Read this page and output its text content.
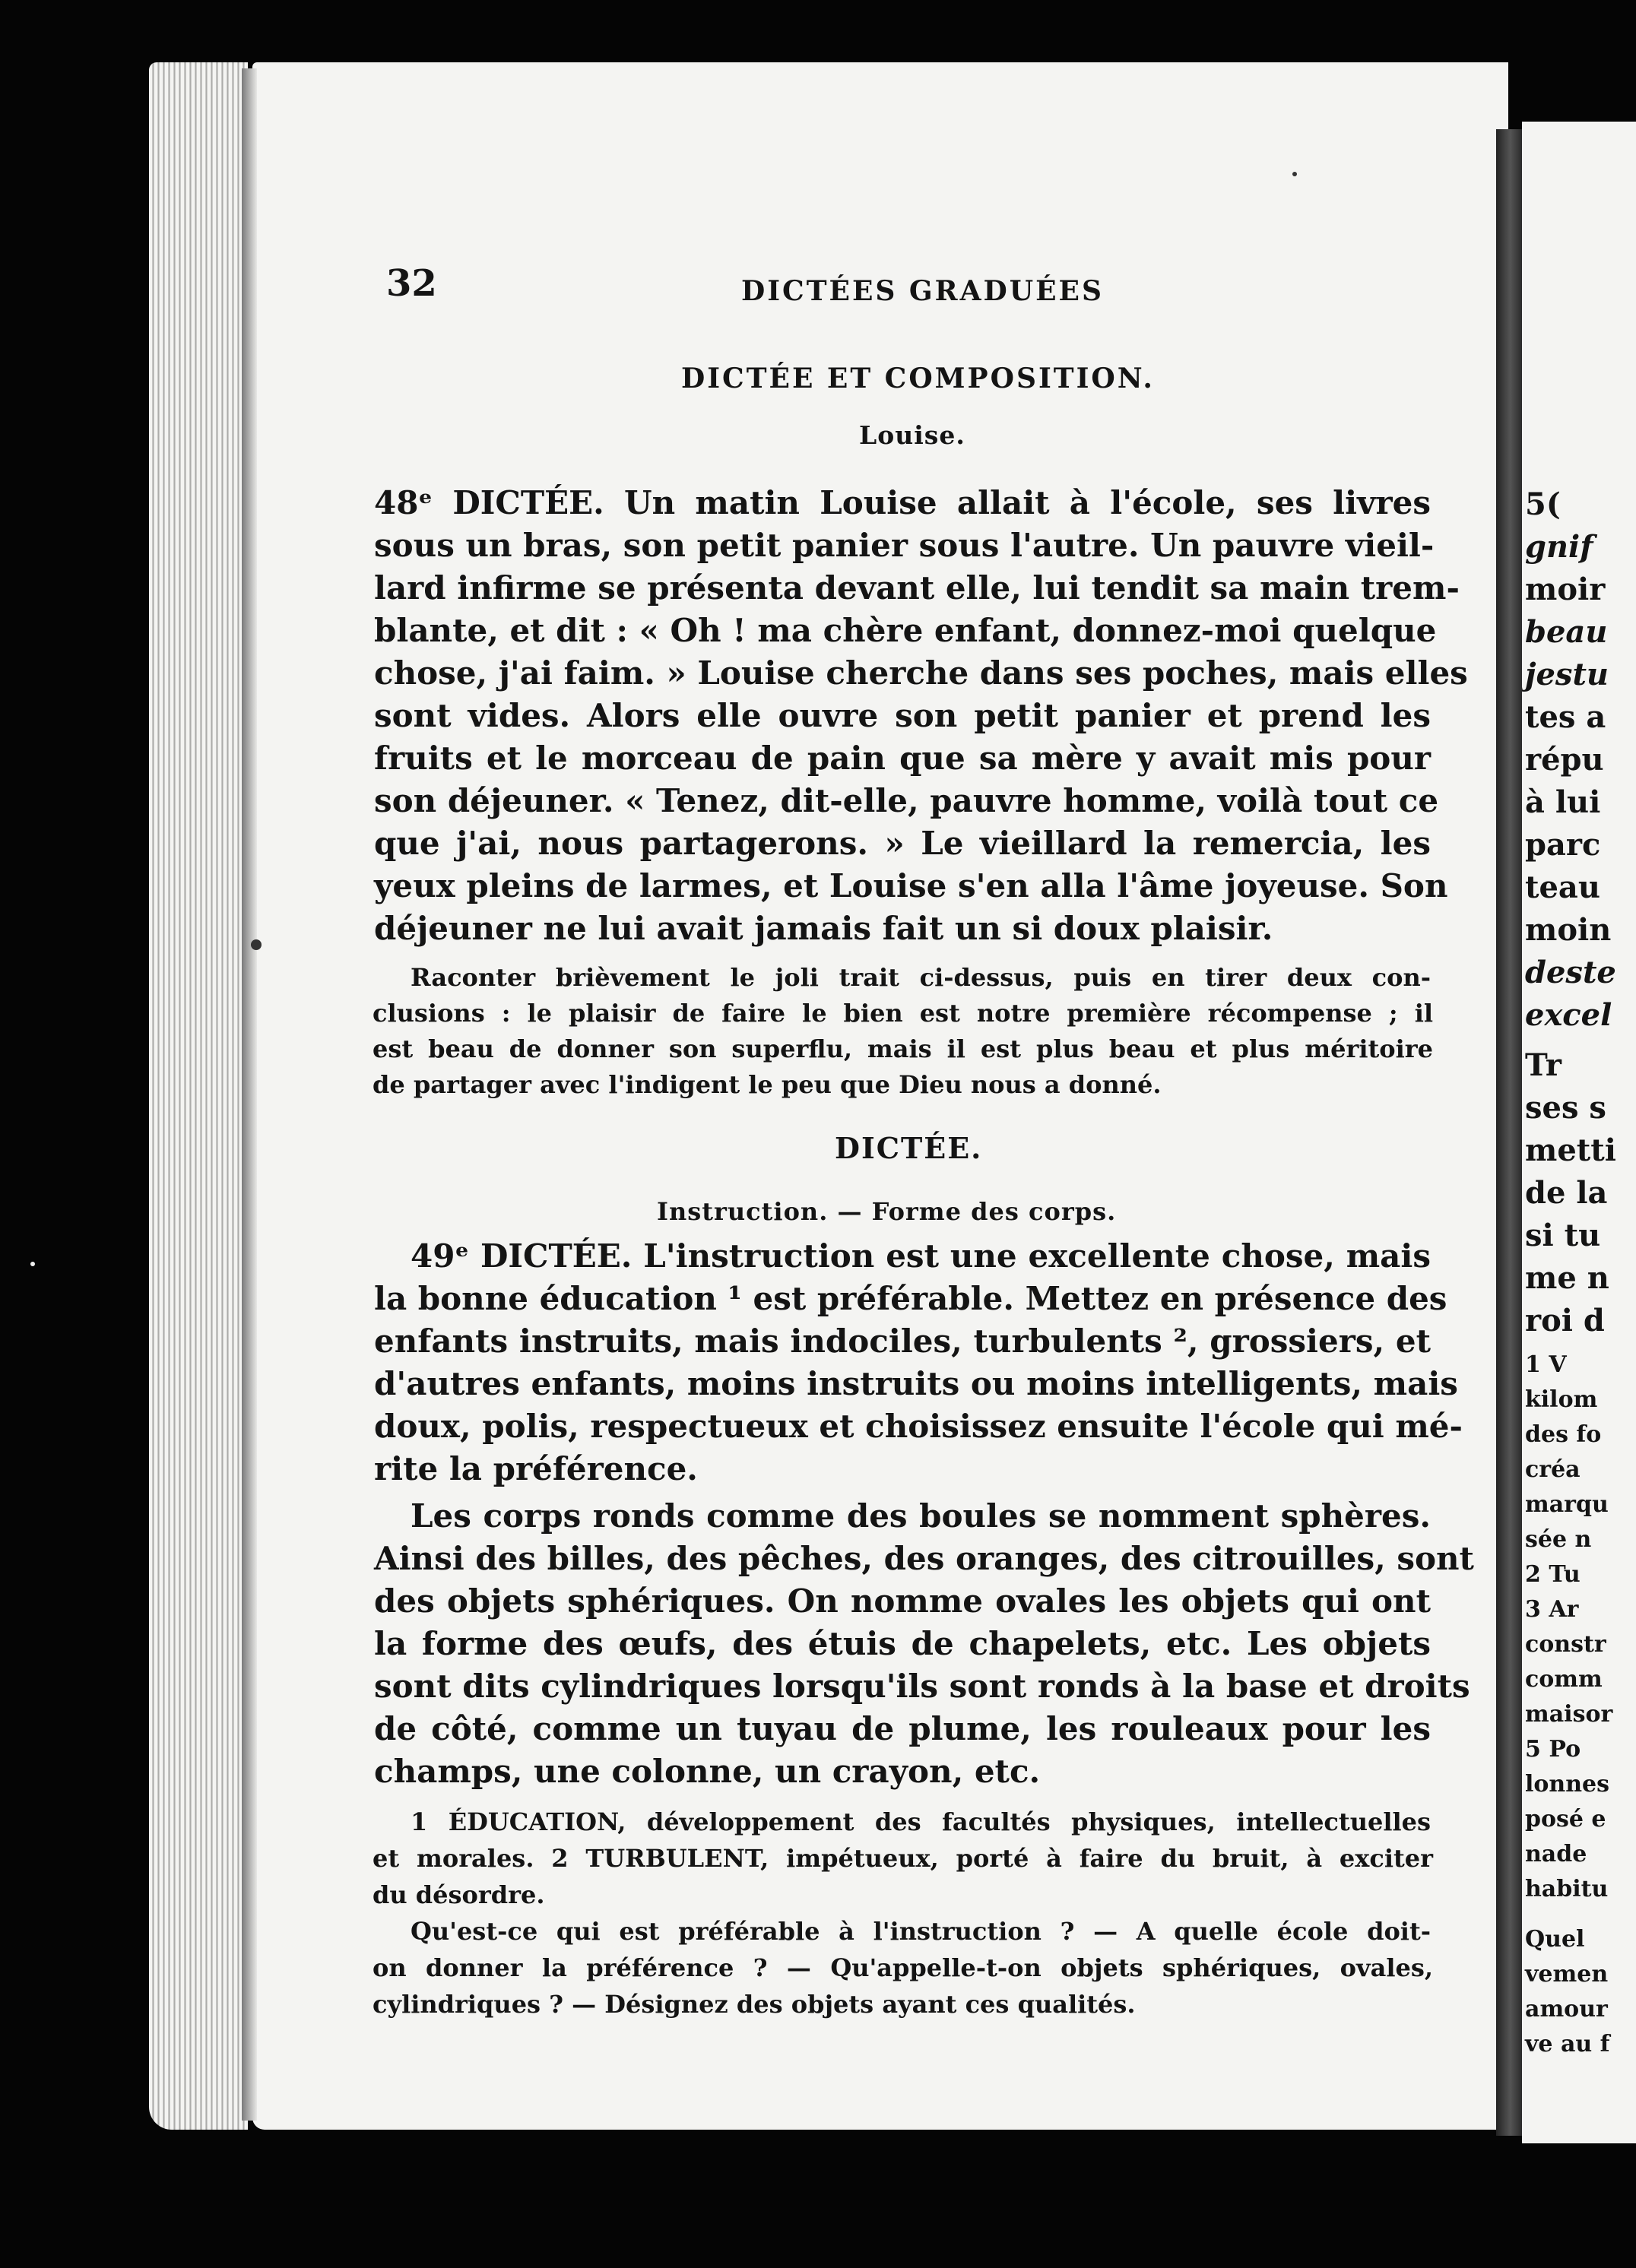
32	DICTÉES GRADUÉES
DICTÉE ET COMPOSITION.
Louise.
48ᵉ DICTÉE. Un matin Louise allait à l'école, ses livres
sous un bras, son petit panier sous l'autre. Un pauvre vieil-
lard infirme se présenta devant elle, lui tendit sa main trem-
blante, et dit : « Oh ! ma chère enfant, donnez-moi quelque
chose, j'ai faim. » Louise cherche dans ses poches, mais elles
sont vides. Alors elle ouvre son petit panier et prend les
fruits et le morceau de pain que sa mère y avait mis pour
son déjeuner. « Tenez, dit-elle, pauvre homme, voilà tout ce
que j'ai, nous partagerons. » Le vieillard la remercia, les
yeux pleins de larmes, et Louise s'en alla l'âme joyeuse. Son
déjeuner ne lui avait jamais fait un si doux plaisir.
Raconter brièvement le joli trait ci-dessus, puis en tirer deux con-
clusions : le plaisir de faire le bien est notre première récompense ; il
est beau de donner son superflu, mais il est plus beau et plus méritoire
de partager avec l'indigent le peu que Dieu nous a donné.
DICTÉE.
Instruction. — Forme des corps.
49ᵉ DICTÉE. L'instruction est une excellente chose, mais
la bonne éducation ¹ est préférable. Mettez en présence des
enfants instruits, mais indociles, turbulents ², grossiers, et
d'autres enfants, moins instruits ou moins intelligents, mais
doux, polis, respectueux et choisissez ensuite l'école qui mé-
rite la préférence.
Les corps ronds comme des boules se nomment sphères.
Ainsi des billes, des pêches, des oranges, des citrouilles, sont
des objets sphériques. On nomme ovales les objets qui ont
la forme des œufs, des étuis de chapelets, etc. Les objets
sont dits cylindriques lorsqu'ils sont ronds à la base et droits
de côté, comme un tuyau de plume, les rouleaux pour les
champs, une colonne, un crayon, etc.
1 ÉDUCATION, développement des facultés physiques, intellectuelles
et morales. 2 TURBULENT, impétueux, porté à faire du bruit, à exciter
du désordre.
Qu'est-ce qui est préférable à l'instruction ? — A quelle école doit-
on donner la préférence ? — Qu'appelle-t-on objets sphériques, ovales,
cylindriques ? — Désignez des objets ayant ces qualités.
5(
gnif
moir
beau
jestu
tes a
répu
à lui
parc
teau
moin
deste
excel
Tr
ses s
metti
de la
si tu
me n
roi d
1 V
kilom
des fo
créa
marqu
sée n
2 Tu
3 Ar
constr
comm
maisor
5 Po
lonnes
posé e
nade
habitu
Quel
vemen
amour
ve au f
